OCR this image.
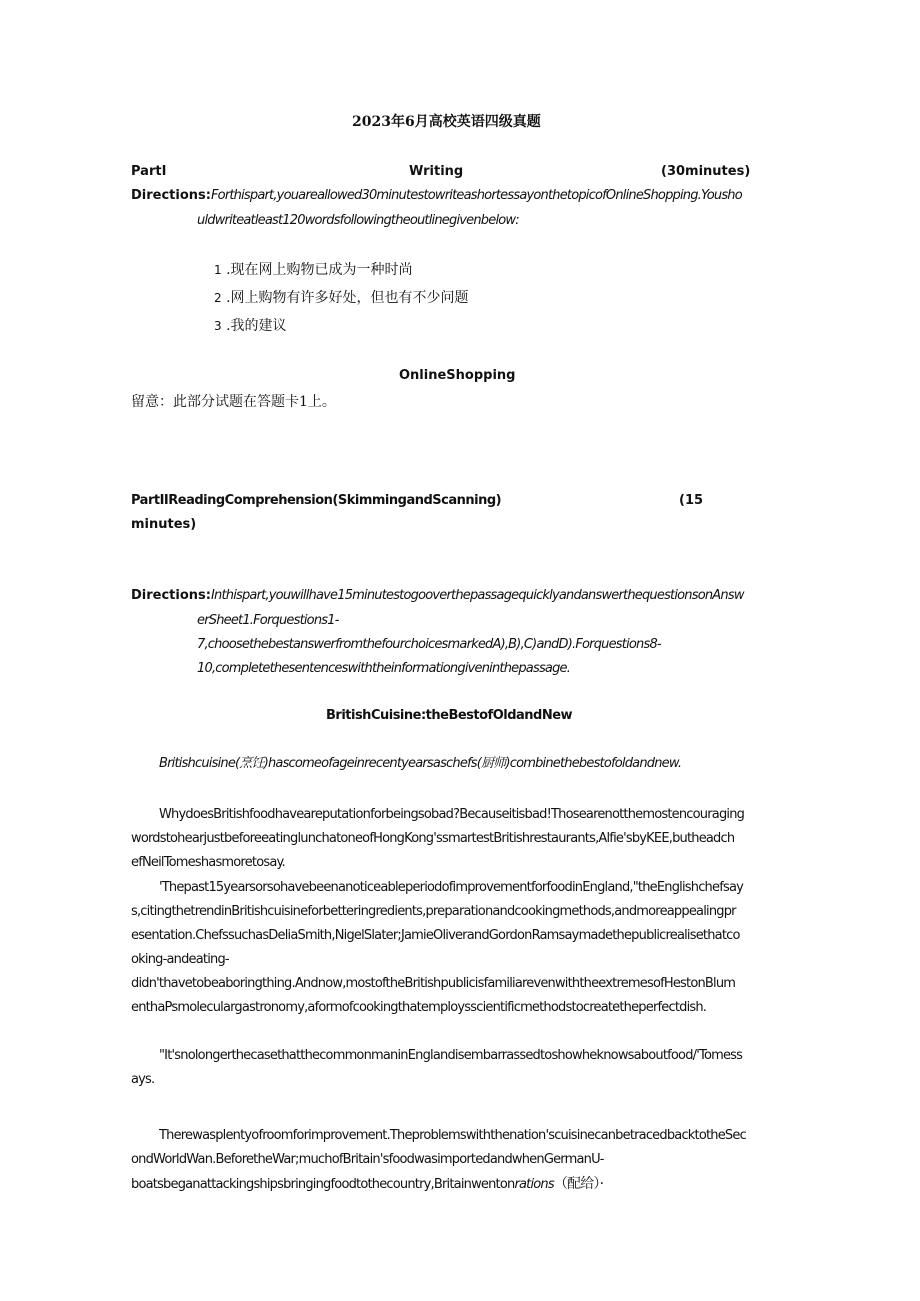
2023年6月高校英语四级真题
PartI	Writing	(30minutes)
Directions:Forthispart,youareallowed30minutestowriteashortessayonthetopicofOnlineShopping.Yousho
uldwriteatleast120wordsfollowingtheoutlinegivenbelow:
1 .现在网上购物已成为一种时尚
2 .网上购物有许多好处，但也有不少问题
3 .我的建议
OnlineShopping
留意：此部分试题在答题卡1上。
PartIIReadingComprehension(SkimmingandScanning)	(15
minutes)
Directions:Inthispart,youwillhave15minutestogooverthepassagequicklyandanswerthequestionsonAnsw
erSheet1.Forquestions1-
7,choosethebestanswerfromthefourchoicesmarkedA),B),C)andD).Forquestions8-
10,completethesentenceswiththeinformationgiveninthepassage.
BritishCuisine:theBestofOldandNew
Britishcuisine(烹饪)hascomeofageinrecentyearsaschefs(厨师)combinethebestofoldandnew.
WhydoesBritishfoodhaveareputationforbeingsobad?Becauseitisbad!Thosearenotthemostencouraging
wordstohearjustbeforeeatinglunchatoneofHongKong'ssmartestBritishrestaurants,Alfie'sbyKEE,butheadch
efNeilTomeshasmoretosay.
'Thepast15yearsorsohavebeenanoticeableperiodofimprovementforfoodinEngland,"theEnglishchefsay
s,citingthetrendinBritishcuisineforbetteringredients,preparationandcookingmethods,andmoreappealingpr
esentation.ChefssuchasDeliaSmith,NigelSlater;JamieOliverandGordonRamsaymadethepublicrealisethatco
oking-andeating-
didn'thavetobeaboringthing.Andnow,mostoftheBritishpublicisfamiliarevenwiththeextremesofHestonBlum
enthaPsmoleculargastronomy,aformofcookingthatemploysscientificmethodstocreatetheperfectdish.
"It'snolongerthecasethatthecommonmaninEnglandisembarrassedtoshowheknowsaboutfood/'Tomess
ays.
Therewasplentyofroomforimprovement.Theproblemswiththenation'scuisinecanbetracedbacktotheSec
ondWorldWan.BeforetheWar;muchofBritain'sfoodwasimportedandwhenGermanU-
boatsbeganattackingshipsbringingfoodtothecountry,Britainwentonrations（配给）·
